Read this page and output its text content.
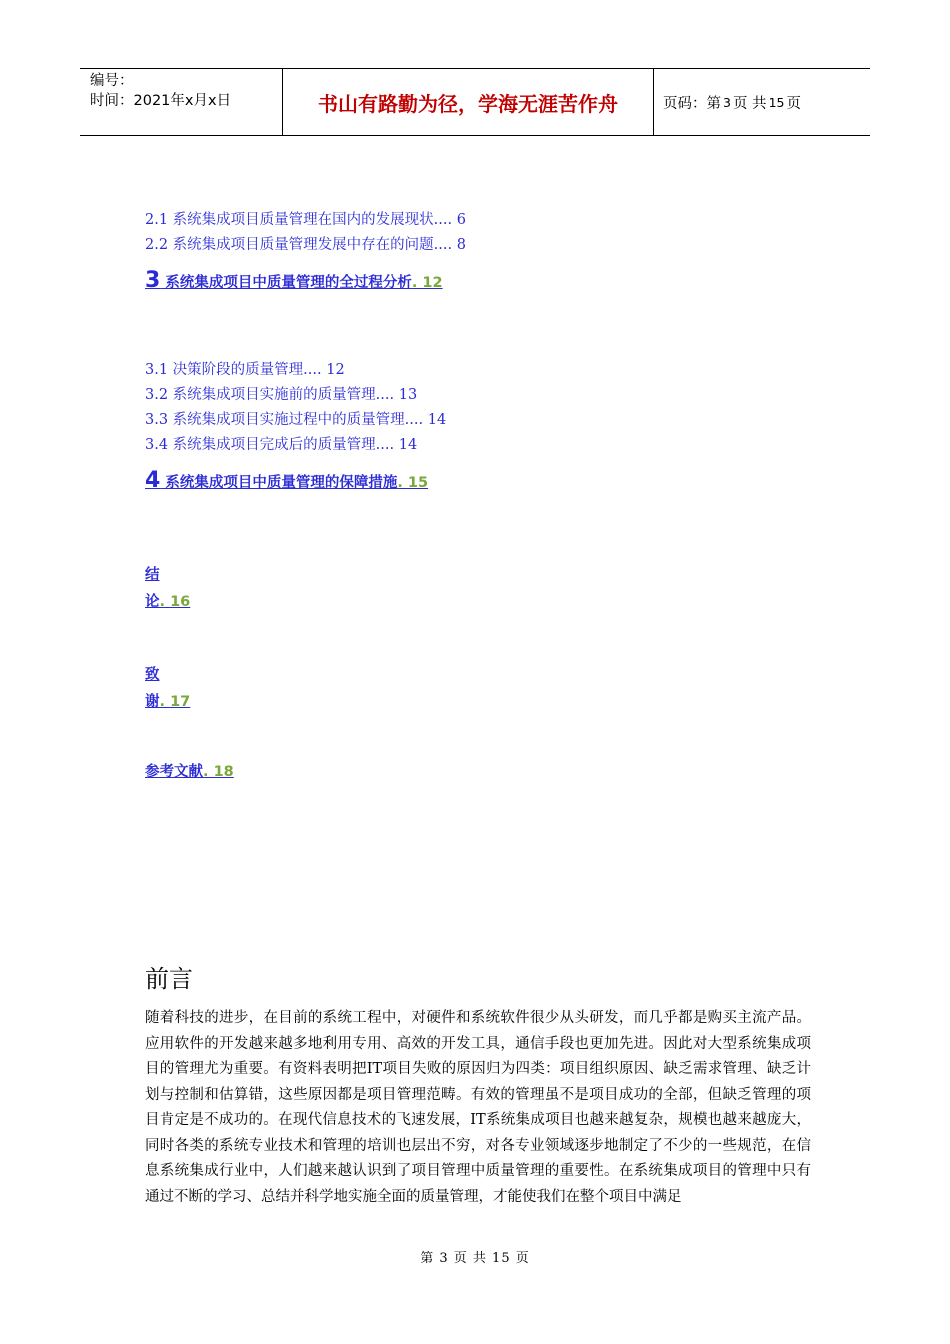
编号：
时间：2021年x月x日	书山有路勤为径，学海无涯苦作舟	页码：第 3 页 共 15 页
2.1 系统集成项目质量管理在国内的发展现状.... 6
2.2 系统集成项目质量管理发展中存在的问题.... 8
3 系统集成项目中质量管理的全过程分析. 12
3.1 决策阶段的质量管理.... 12
3.2 系统集成项目实施前的质量管理.... 13
3.3 系统集成项目实施过程中的质量管理.... 14
3.4 系统集成项目完成后的质量管理.... 14
4 系统集成项目中质量管理的保障措施. 15
结
论. 16
致
谢. 17
参考文献. 18
前言
随着科技的进步，在目前的系统工程中，对硬件和系统软件很少从头研发，而几乎都是购买主流产品。应用软件的开发越来越多地利用专用、高效的开发工具，通信手段也更加先进。因此对大型系统集成项目的管理尤为重要。有资料表明把IT项目失败的原因归为四类：项目组织原因、缺乏需求管理、缺乏计划与控制和估算错，这些原因都是项目管理范畴。有效的管理虽不是项目成功的全部，但缺乏管理的项目肯定是不成功的。在现代信息技术的飞速发展，IT系统集成项目也越来越复杂，规模也越来越庞大，同时各类的系统专业技术和管理的培训也层出不穷，对各专业领域逐步地制定了不少的一些规范，在信息系统集成行业中，人们越来越认识到了项目管理中质量管理的重要性。在系统集成项目的管理中只有通过不断的学习、总结并科学地实施全面的质量管理，才能使我们在整个项目中满足
第 3 页 共 15 页
